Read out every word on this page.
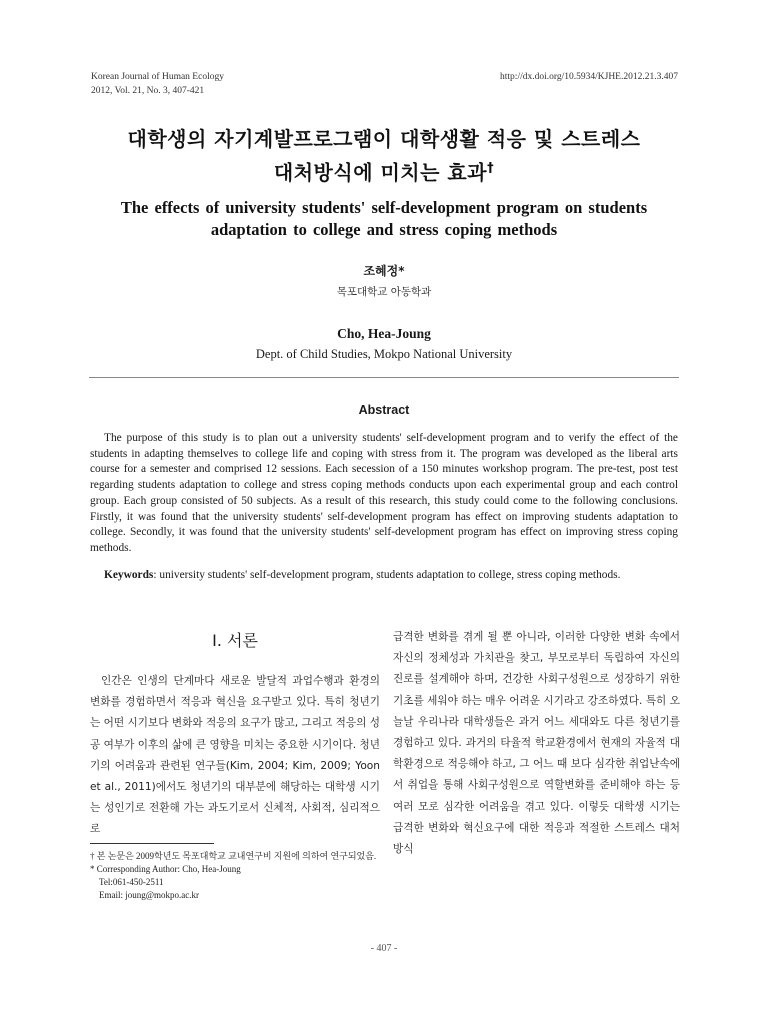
Korean Journal of Human Ecology
2012, Vol. 21, No. 3, 407-421
http://dx.doi.org/10.5934/KJHE.2012.21.3.407
대학생의 자기계발프로그램이 대학생활 적응 및 스트레스
대처방식에 미치는 효과†
The effects of university students' self-development program on students
adaptation to college and stress coping methods
조혜정*
목포대학교 아동학과
Cho, Hea-Joung
Dept. of Child Studies, Mokpo National University
Abstract
The purpose of this study is to plan out a university students' self-development program and to verify the effect of the students in adapting themselves to college life and coping with stress from it. The program was developed as the liberal arts course for a semester and comprised 12 sessions. Each secession of a 150 minutes workshop program. The pre-test, post test regarding students adaptation to college and stress coping methods conducts upon each experimental group and each control group. Each group consisted of 50 subjects. As a result of this research, this study could come to the following conclusions. Firstly, it was found that the university students' self-development program has effect on improving students adaptation to college. Secondly, it was found that the university students' self-development program has effect on improving stress coping methods.
Keywords: university students' self-development program, students adaptation to college, stress coping methods.
Ⅰ. 서론
인간은 인생의 단계마다 새로운 발달적 과업수행과 환경의 변화를 경험하면서 적응과 혁신을 요구받고 있다. 특히 청년기는 어떤 시기보다 변화와 적응의 요구가 많고, 그리고 적응의 성공 여부가 이후의 삶에 큰 영향을 미치는 중요한 시기이다. 청년기의 어려움과 관련된 연구들(Kim, 2004; Kim, 2009; Yoon et al., 2011)에서도 청년기의 대부분에 해당하는 대학생 시기는 성인기로 전환해 가는 과도기로서 신체적, 사회적, 심리적으로
급격한 변화를 겪게 될 뿐 아니라, 이러한 다양한 변화 속에서 자신의 정체성과 가치관을 찾고, 부모로부터 독립하여 자신의 진로를 설계해야 하며, 건강한 사회구성원으로 성장하기 위한 기초를 세워야 하는 매우 어려운 시기라고 강조하였다. 특히 오늘날 우리나라 대학생들은 과거 어느 세대와도 다른 청년기를 경험하고 있다. 과거의 타율적 학교환경에서 현재의 자율적 대학환경으로 적응해야 하고, 그 어느 때 보다 심각한 취업난속에서 취업을 통해 사회구성원으로 역할변화를 준비해야 하는 등 여러 모로 심각한 어려움을 겪고 있다. 이렇듯 대학생 시기는 급격한 변화와 혁신요구에 대한 적응과 적절한 스트레스 대처방식
† 본 논문은 2009학년도 목포대학교 교내연구비 지원에 의하여 연구되었음.
* Corresponding Author: Cho, Hea-Joung
Tel:061-450-2511
Email: joung@mokpo.ac.kr
- 407 -
